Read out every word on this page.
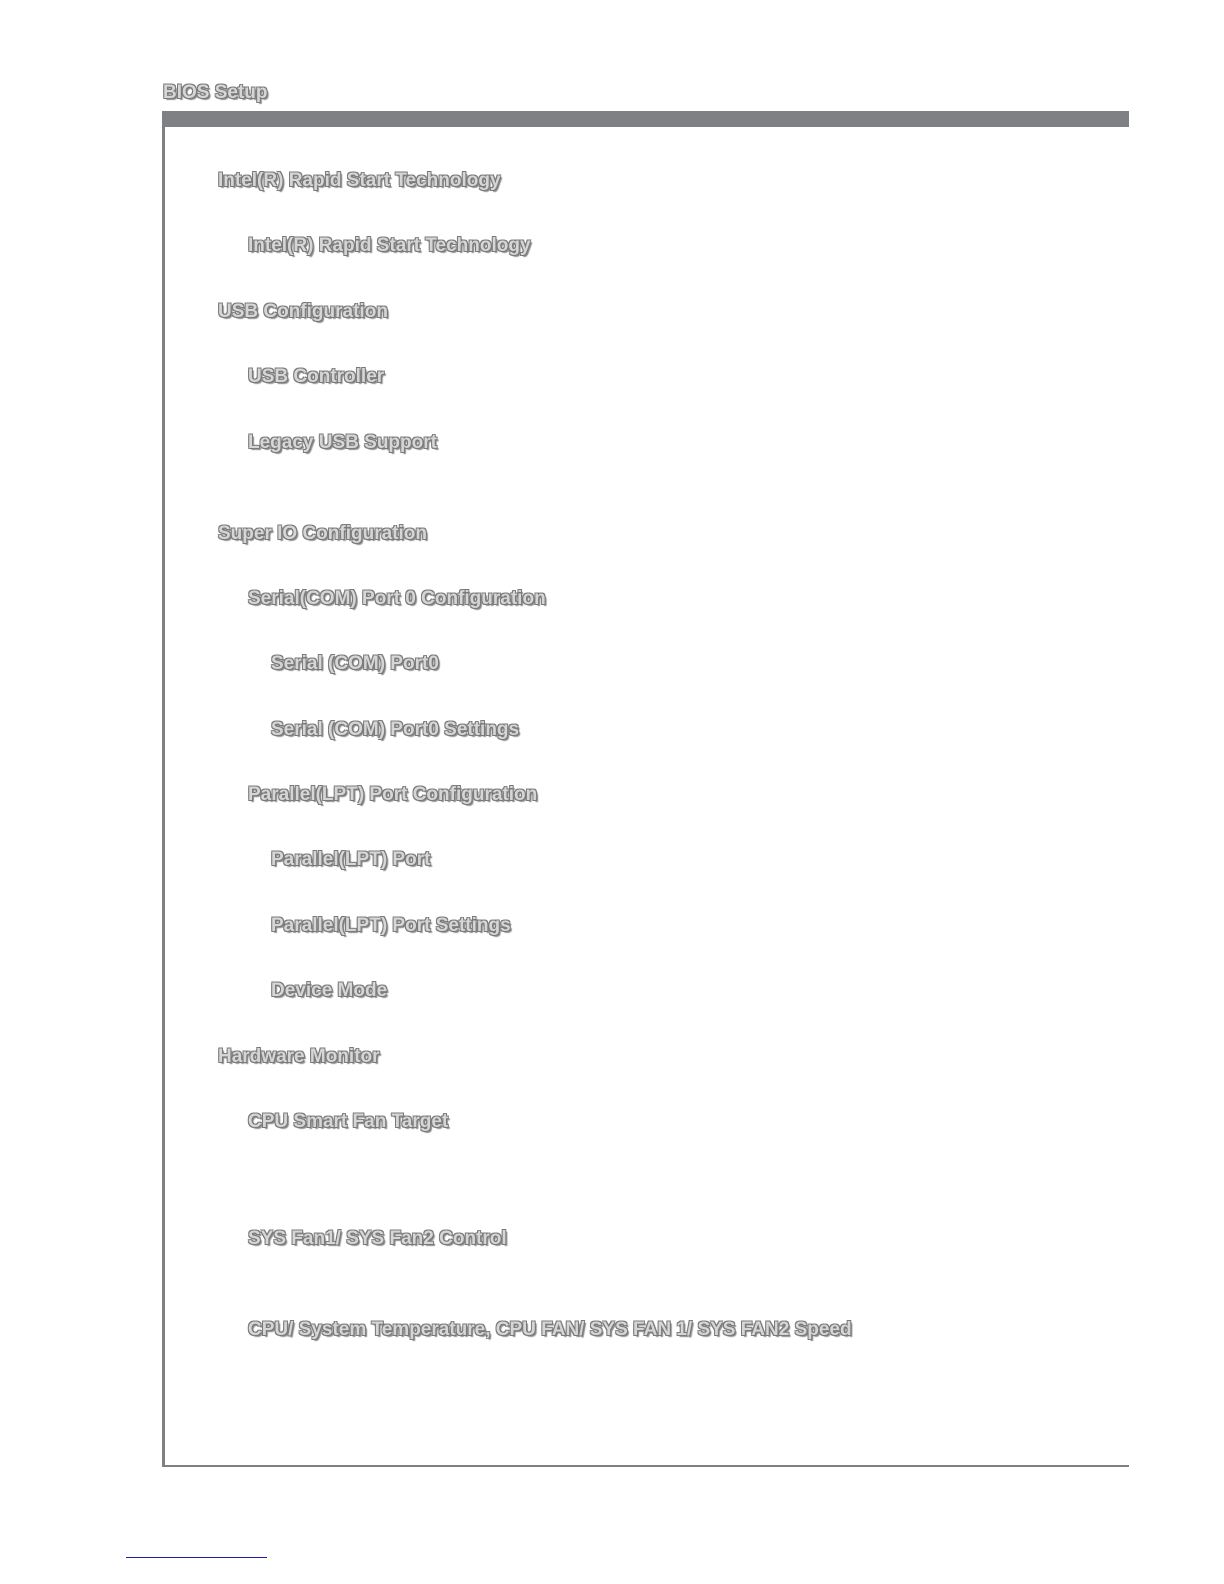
BIOS Setup
Intel(R) Rapid Start Technology
Intel(R) Rapid Start Technology
USB Configuration
USB Controller
Legacy USB Support
Super IO Configuration
Serial(COM) Port 0 Configuration
Serial (COM) Port0
Serial (COM) Port0 Settings
Parallel(LPT) Port Configuration
Parallel(LPT) Port
Parallel(LPT) Port Settings
Device Mode
Hardware Monitor
CPU Smart Fan Target
SYS Fan1/ SYS Fan2 Control
CPU/ System Temperature, CPU FAN/ SYS FAN 1/ SYS FAN2 Speed
